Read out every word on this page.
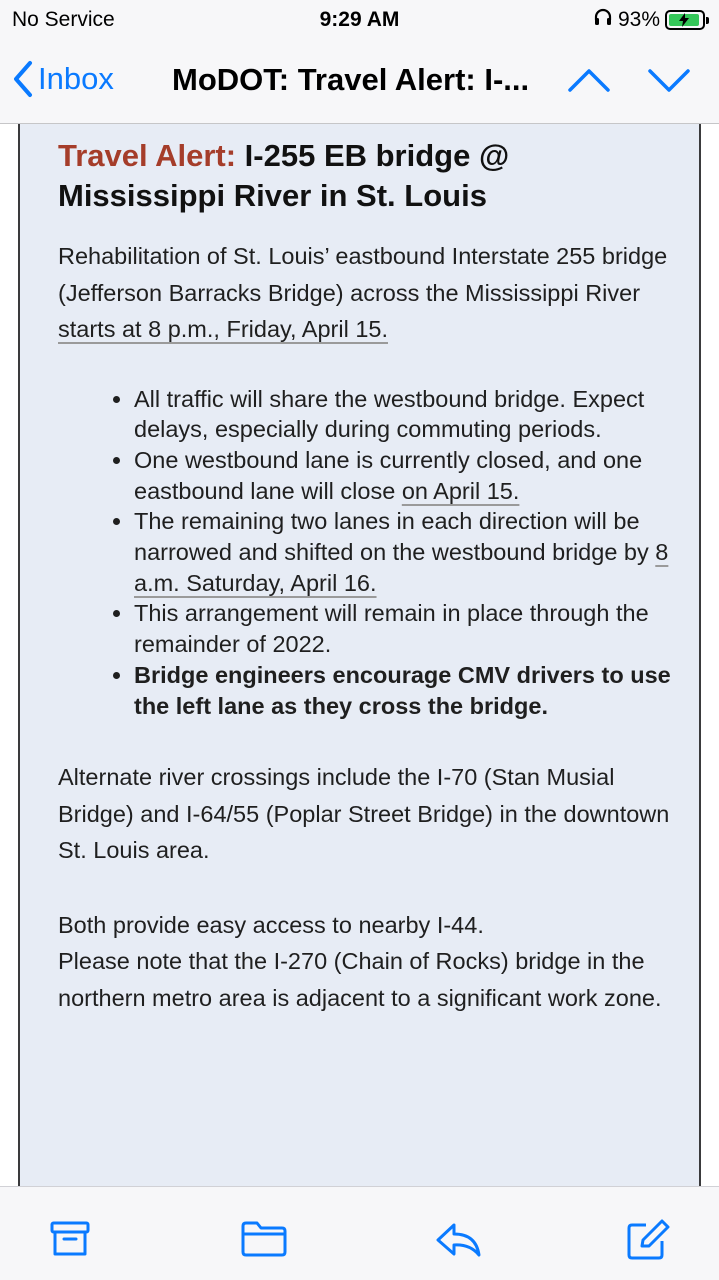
No Service	9:29 AM	93%
Inbox MoDOT: Travel Alert: I-...
Travel Alert: I-255 EB bridge @ Mississippi River in St. Louis

Rehabilitation of St. Louis’ eastbound Interstate 255 bridge (Jefferson Barracks Bridge) across the Mississippi River starts at 8 p.m., Friday, April 15.

• All traffic will share the westbound bridge. Expect delays, especially during commuting periods.
• One westbound lane is currently closed, and one eastbound lane will close on April 15.
• The remaining two lanes in each direction will be narrowed and shifted on the westbound bridge by 8 a.m. Saturday, April 16.
• This arrangement will remain in place through the remainder of 2022.
• Bridge engineers encourage CMV drivers to use the left lane as they cross the bridge.

Alternate river crossings include the I-70 (Stan Musial Bridge) and I-64/55 (Poplar Street Bridge) in the downtown St. Louis area.

Both provide easy access to nearby I-44.
Please note that the I-270 (Chain of Rocks) bridge in the northern metro area is adjacent to a significant work zone.
